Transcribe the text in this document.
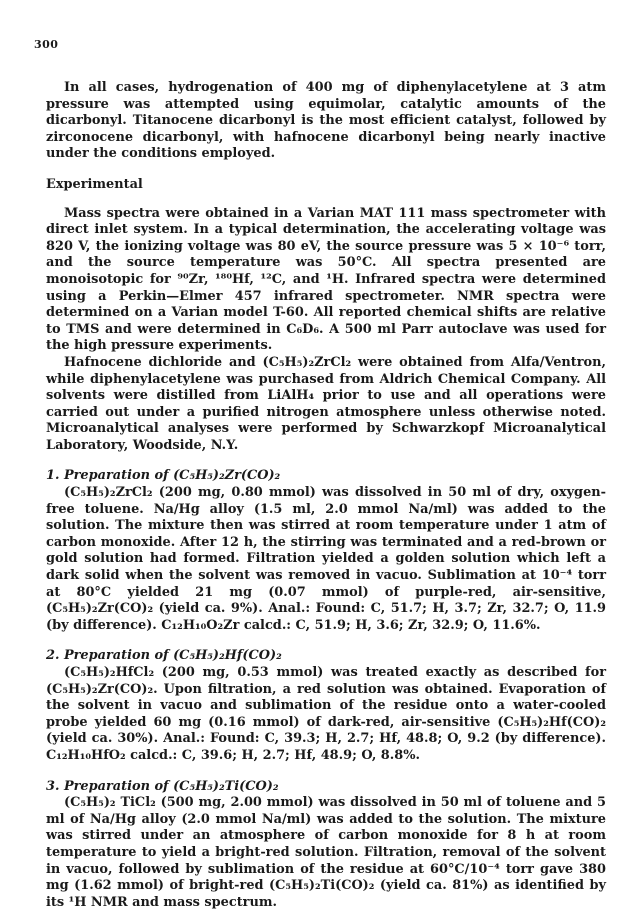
300

In all cases, hydrogenation of 400 mg of diphenylacetylene at 3 atm pressure was attempted using equimolar, catalytic amounts of the dicarbonyl. Titanocene dicarbonyl is the most efficient catalyst, followed by zirconocene dicarbonyl, with hafnocene dicarbonyl being nearly inactive under the conditions employed.

Experimental

Mass spectra were obtained in a Varian MAT 111 mass spectrometer with direct inlet system. In a typical determination, the accelerating voltage was 820 V, the ionizing voltage was 80 eV, the source pressure was 5 × 10⁻⁶ torr, and the source temperature was 50°C. All spectra presented are monoisotopic for ⁹⁰Zr, ¹⁸⁰Hf, ¹²C, and ¹H. Infrared spectra were determined using a Perkin—Elmer 457 infrared spectrometer. NMR spectra were determined on a Varian model T-60. All reported chemical shifts are relative to TMS and were determined in C₆D₆. A 500 ml Parr autoclave was used for the high pressure experiments.

Hafnocene dichloride and (C₅H₅)₂ZrCl₂ were obtained from Alfa/Ventron, while diphenylacetylene was purchased from Aldrich Chemical Company. All solvents were distilled from LiAlH₄ prior to use and all operations were carried out under a purified nitrogen atmosphere unless otherwise noted. Microanalytical analyses were performed by Schwarzkopf Microanalytical Laboratory, Woodside, N.Y.

1. Preparation of (C₅H₅)₂Zr(CO)₂

(C₅H₅)₂ZrCl₂ (200 mg, 0.80 mmol) was dissolved in 50 ml of dry, oxygen-free toluene. Na/Hg alloy (1.5 ml, 2.0 mmol Na/ml) was added to the solution. The mixture then was stirred at room temperature under 1 atm of carbon monoxide. After 12 h, the stirring was terminated and a red-brown or gold solution had formed. Filtration yielded a golden solution which left a dark solid when the solvent was removed in vacuo. Sublimation at 10⁻⁴ torr at 80°C yielded 21 mg (0.07 mmol) of purple-red, air-sensitive, (C₅H₅)₂Zr(CO)₂ (yield ca. 9%). Anal.: Found: C, 51.7; H, 3.7; Zr, 32.7; O, 11.9 (by difference). C₁₂H₁₀O₂Zr calcd.: C, 51.9; H, 3.6; Zr, 32.9; O, 11.6%.

2. Preparation of (C₅H₅)₂Hf(CO)₂

(C₅H₅)₂HfCl₂ (200 mg, 0.53 mmol) was treated exactly as described for (C₅H₅)₂Zr(CO)₂. Upon filtration, a red solution was obtained. Evaporation of the solvent in vacuo and sublimation of the residue onto a water-cooled probe yielded 60 mg (0.16 mmol) of dark-red, air-sensitive (C₅H₅)₂Hf(CO)₂ (yield ca. 30%). Anal.: Found: C, 39.3; H, 2.7; Hf, 48.8; O, 9.2 (by difference). C₁₂H₁₀HfO₂ calcd.: C, 39.6; H, 2.7; Hf, 48.9; O, 8.8%.

3. Preparation of (C₅H₅)₂Ti(CO)₂

(C₅H₅)₂ TiCl₂ (500 mg, 2.00 mmol) was dissolved in 50 ml of toluene and 5 ml of Na/Hg alloy (2.0 mmol Na/ml) was added to the solution. The mixture was stirred under an atmosphere of carbon monoxide for 8 h at room temperature to yield a bright-red solution. Filtration, removal of the solvent in vacuo, followed by sublimation of the residue at 60°C/10⁻⁴ torr gave 380 mg (1.62 mmol) of bright-red (C₅H₅)₂Ti(CO)₂ (yield ca. 81%) as identified by its ¹H NMR and mass spectrum.
